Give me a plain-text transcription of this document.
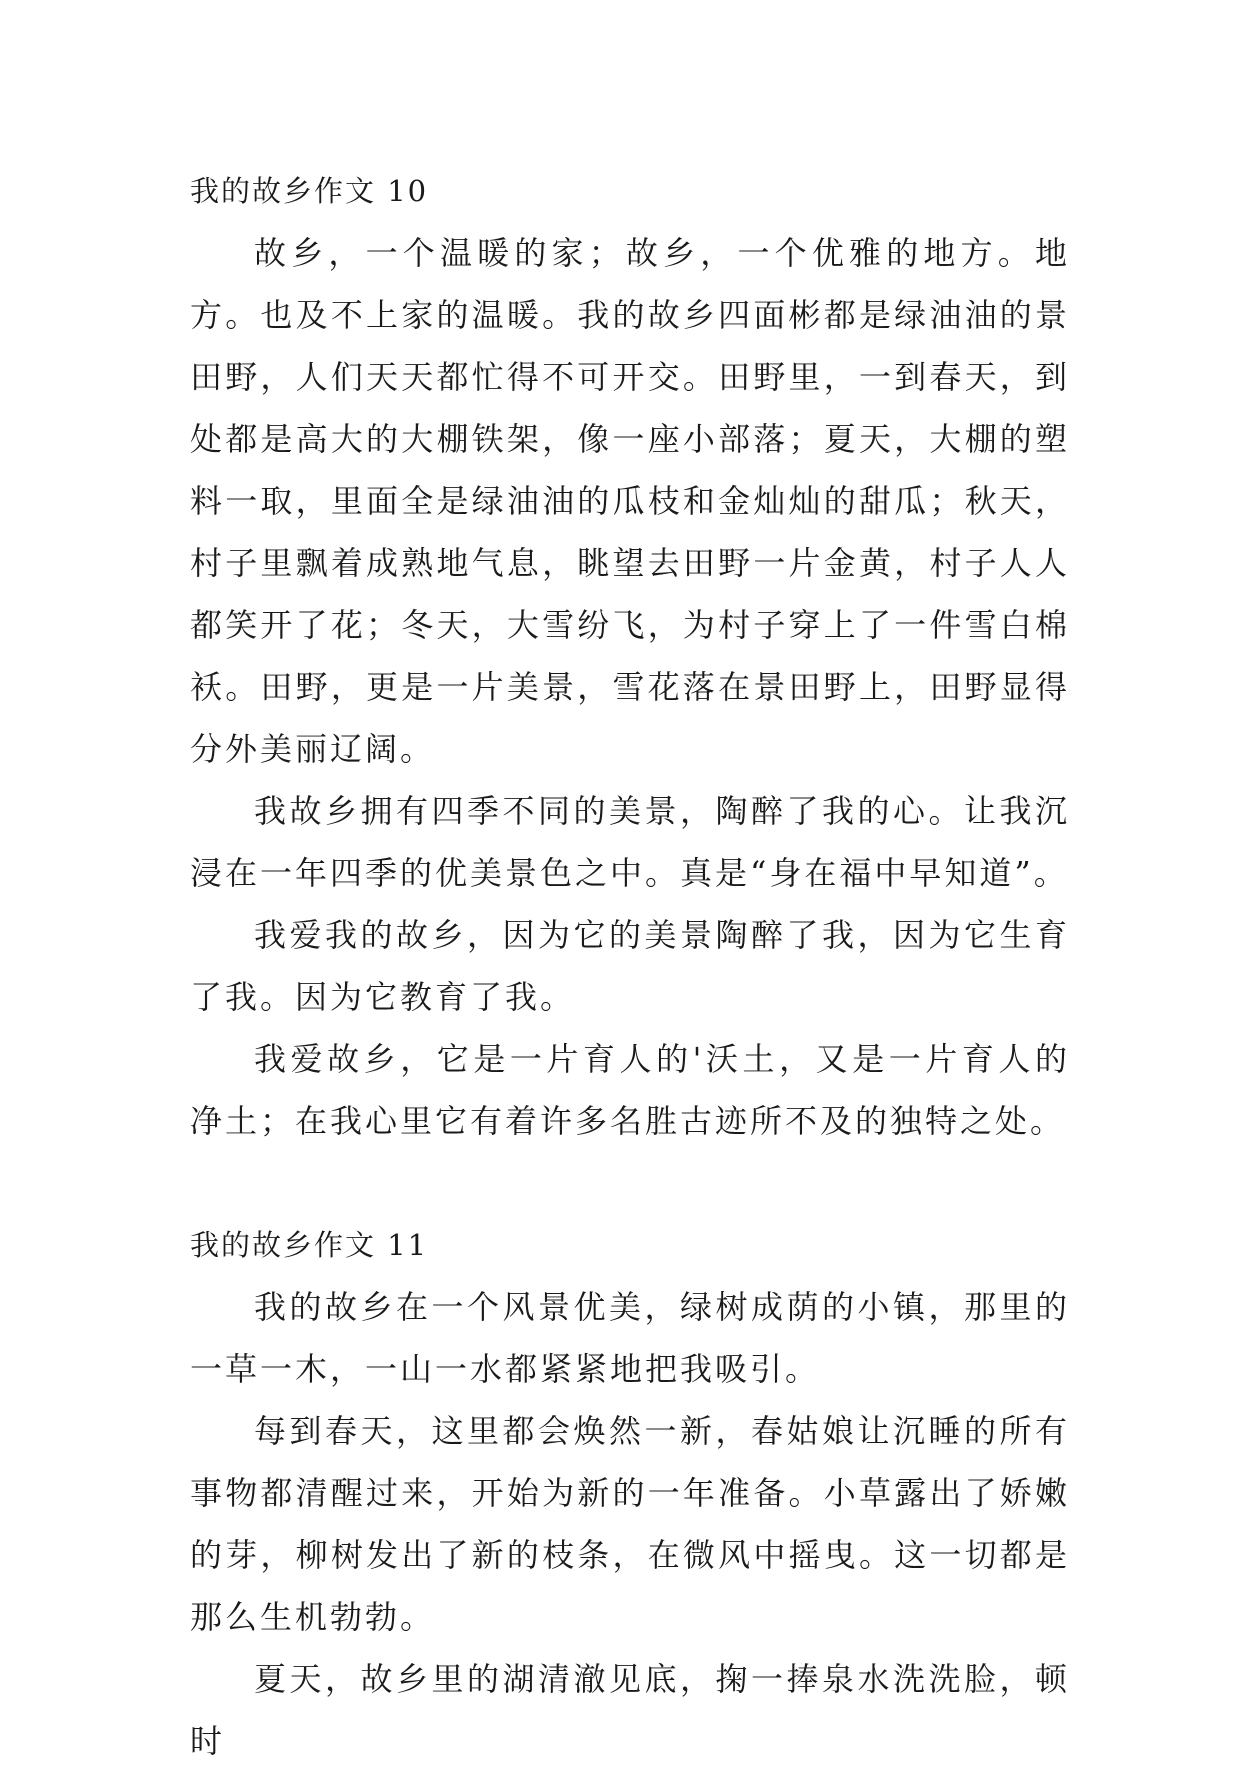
我的故乡作文 10

故乡，一个温暖的家；故乡，一个优雅的地方。地方。也及不上家的温暖。我的故乡四面彬都是绿油油的景田野，人们天天都忙得不可开交。田野里，一到春天，到处都是高大的大棚铁架，像一座小部落；夏天，大棚的塑料一取，里面全是绿油油的瓜枝和金灿灿的甜瓜；秋天，村子里飘着成熟地气息，眺望去田野一片金黄，村子人人都笑开了花；冬天，大雪纷飞，为村子穿上了一件雪白棉袄。田野，更是一片美景，雪花落在景田野上，田野显得分外美丽辽阔。

我故乡拥有四季不同的美景，陶醉了我的心。让我沉浸在一年四季的优美景色之中。真是“身在福中早知道”。

我爱我的故乡，因为它的美景陶醉了我，因为它生育了我。因为它教育了我。

我爱故乡，它是一片育人的'沃土，又是一片育人的净土；在我心里它有着许多名胜古迹所不及的独特之处。

我的故乡作文 11

我的故乡在一个风景优美，绿树成荫的小镇，那里的一草一木，一山一水都紧紧地把我吸引。

每到春天，这里都会焕然一新，春姑娘让沉睡的所有事物都清醒过来，开始为新的一年准备。小草露出了娇嫩的芽，柳树发出了新的枝条，在微风中摇曳。这一切都是那么生机勃勃。

夏天，故乡里的湖清澈见底，掬一捧泉水洗洗脸，顿时
